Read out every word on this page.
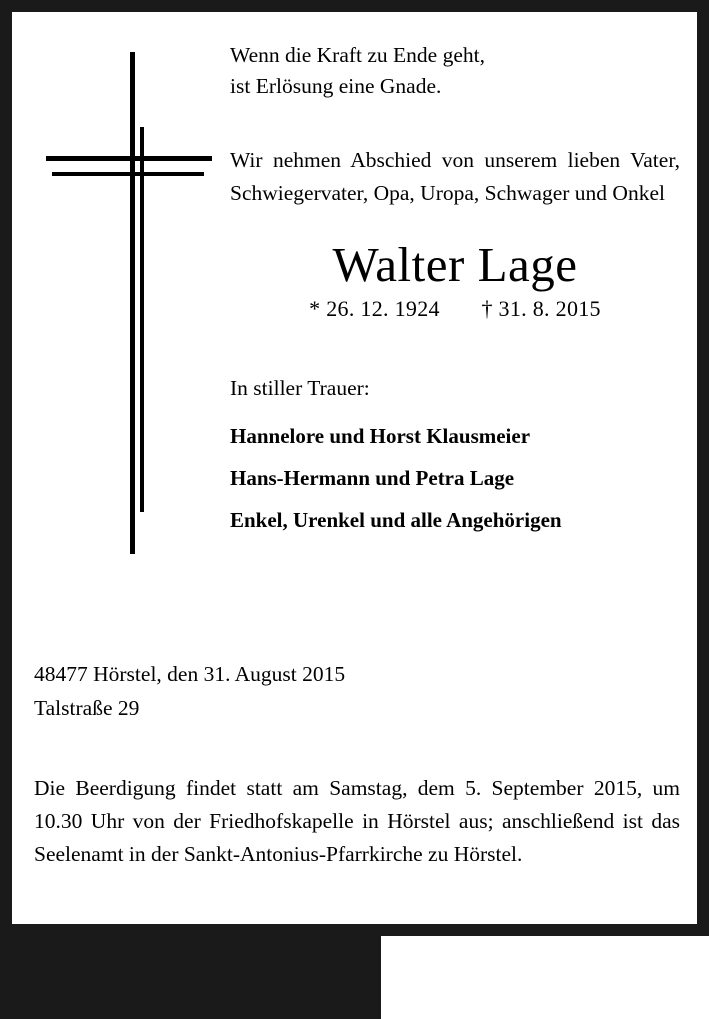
Wenn die Kraft zu Ende geht,
ist Erlösung eine Gnade.
Wir nehmen Abschied von unserem lieben Vater, Schwiegervater, Opa, Uropa, Schwager und Onkel
Walter Lage
* 26. 12. 1924 † 31. 8. 2015
In stiller Trauer:
Hannelore und Horst Klausmeier
Hans-Hermann und Petra Lage
Enkel, Urenkel und alle Angehörigen
48477 Hörstel, den 31. August 2015
Talstraße 29
Die Beerdigung findet statt am Samstag, dem 5. September 2015, um 10.30 Uhr von der Friedhofskapelle in Hörstel aus; anschließend ist das Seelenamt in der Sankt-Antonius-Pfarrkirche zu Hörstel.
